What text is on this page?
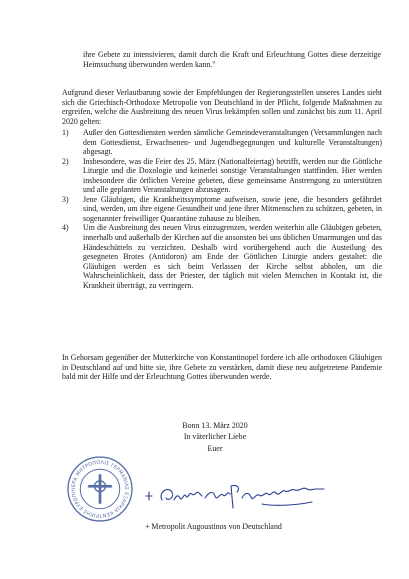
ihre Gebete zu intensivieren, damit durch die Kraft und Erleuchtung Gottes diese derzeitige Heimsuchung überwunden werden kann."

Aufgrund dieser Verlautbarung sowie der Empfehlungen der Regierungsstellen unseres Landes sieht sich die Griechisch-Orthodoxe Metropolie von Deutschland in der Pflicht, folgende Maßnahmen zu ergreifen, welche die Ausbreitung des neuen Virus bekämpfen sollen und zunächst bis zum 11. April 2020 gelten:

1) Außer den Gottesdiensten werden sämtliche Gemeindeveranstaltungen (Versammlungen nach dem Gottesdienst, Erwachsenen- und Jugendbegegnungen und kulturelle Veranstaltungen) abgesagt.
2) Insbesondere, was die Feier des 25. März (Nationalfeiertag) betrifft, werden nur die Göttliche Liturgie und die Doxologie und keinerlei sonstige Veranstaltungen stattfinden. Hier werden insbesondere die örtlichen Vereine gebeten, diese gemeinsame Anstrengung zu unterstützen und alle geplanten Veranstaltungen abzusagen.
3) Jene Gläubigen, die Krankheitssymptome aufweisen, sowie jene, die besonders gefährdet sind, werden, um ihre eigene Gesundheit und jene ihrer Mitmenschen zu schützen, gebeten, in sogenannter freiwilliger Quarantäne zuhause zu bleiben.
4) Um die Ausbreitung des neuen Virus einzugrenzen, werden weiterhin alle Gläubigen gebeten, innerhalb und außerhalb der Kirchen auf die ansonsten bei uns üblichen Umarmungen und das Händeschütteln zu verzichten. Deshalb wird vorübergehend auch die Austeilung des gesegneten Brotes (Antidoron) am Ende der Göttlichen Liturgie anders gestaltet: die Gläubigen werden es sich beim Verlassen der Kirche selbst abholen, um die Wahrscheinlichkeit, dass der Priester, der täglich mit vielen Menschen in Kontakt ist, die Krankheit überträgt, zu verringern.

In Gehorsam gegenüber der Mutterkirche von Konstantinopel fordere ich alle orthodoxen Gläubigen in Deutschland auf und bitte sie, ihre Gebete zu verstärken, damit diese neu aufgetretene Pandemie bald mit der Hilfe und der Erleuchtung Gottes überwunden werde.

Bonn 13. März 2020
In väterlicher Liebe
Euer
ΙΕΡΑ ΜΗΤΡΟΠΟΛΙΣ ΓΕΡΜΑΝΙΑΣ ΕΞΑΡΧΙΑ ΚΕΝΤΡΙΚΗΣ ΕΥΡΩΠΗ
+ Metropolit Augoustinos von Deutschland
